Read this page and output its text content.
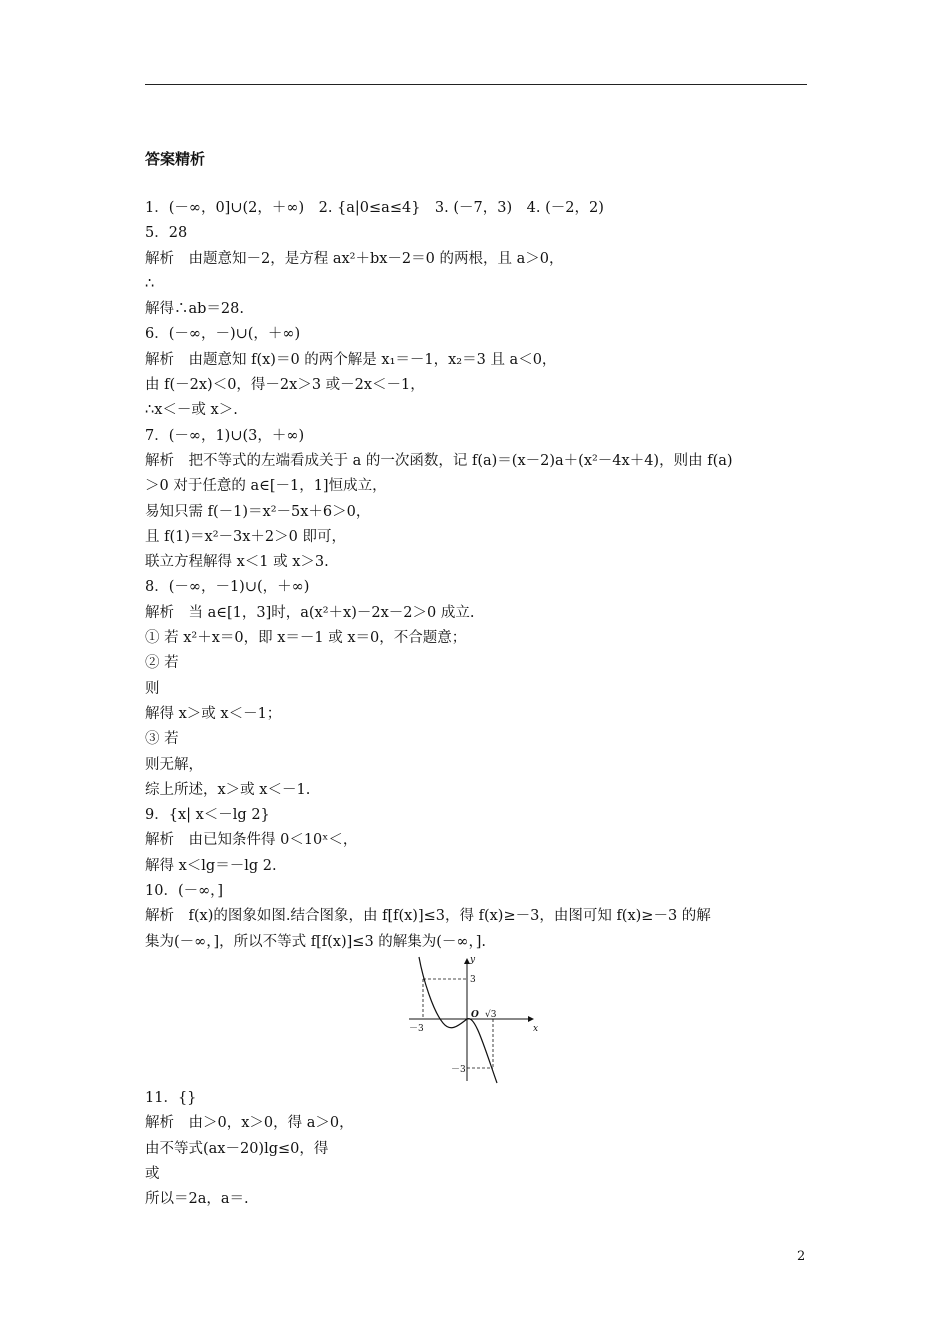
答案精析
1．(－∞，0]∪(2，＋∞)　2. {a|0≤a≤4}　3. (－7，3)　4. (－2，2)
5．28
解析　由题意知－2，是方程 ax²＋bx－2＝0 的两根，且 a＞0，
∴
解得∴ab＝28.
6．(－∞，－)∪(，＋∞)
解析　由题意知 f(x)＝0 的两个解是 x₁＝－1，x₂＝3 且 a＜0，
由 f(－2x)＜0，得－2x＞3 或－2x＜－1，
∴x＜－或 x＞.
7．(－∞，1)∪(3，＋∞)
解析　把不等式的左端看成关于 a 的一次函数，记 f(a)＝(x－2)a＋(x²－4x＋4)，则由 f(a)
＞0 对于任意的 a∈[－1，1]恒成立，
易知只需 f(－1)＝x²－5x＋6＞0，
且 f(1)＝x²－3x＋2＞0 即可，
联立方程解得 x＜1 或 x＞3.
8．(－∞，－1)∪(，＋∞)
解析　当 a∈[1，3]时，a(x²＋x)－2x－2＞0 成立.
① 若 x²＋x＝0，即 x＝－1 或 x＝0，不合题意；
② 若
则
解得 x＞或 x＜－1；
③ 若
则无解，
综上所述，x＞或 x＜－1.
9．{x| x＜－lg 2}
解析　由已知条件得 0＜10ˣ＜，
解得 x＜lg＝－lg 2.
10．(－∞，]
解析　f(x)的图象如图.结合图象，由 f[f(x)]≤3，得 f(x)≥－3，由图可知 f(x)≥－3 的解
集为(－∞，]，所以不等式 f[f(x)]≤3 的解集为(－∞，].
y
x
O
3
－3
－3
√3
11．{}
解析　由＞0，x＞0，得 a＞0，
由不等式(ax－20)lg≤0，得
或
所以＝2a，a＝.
2
